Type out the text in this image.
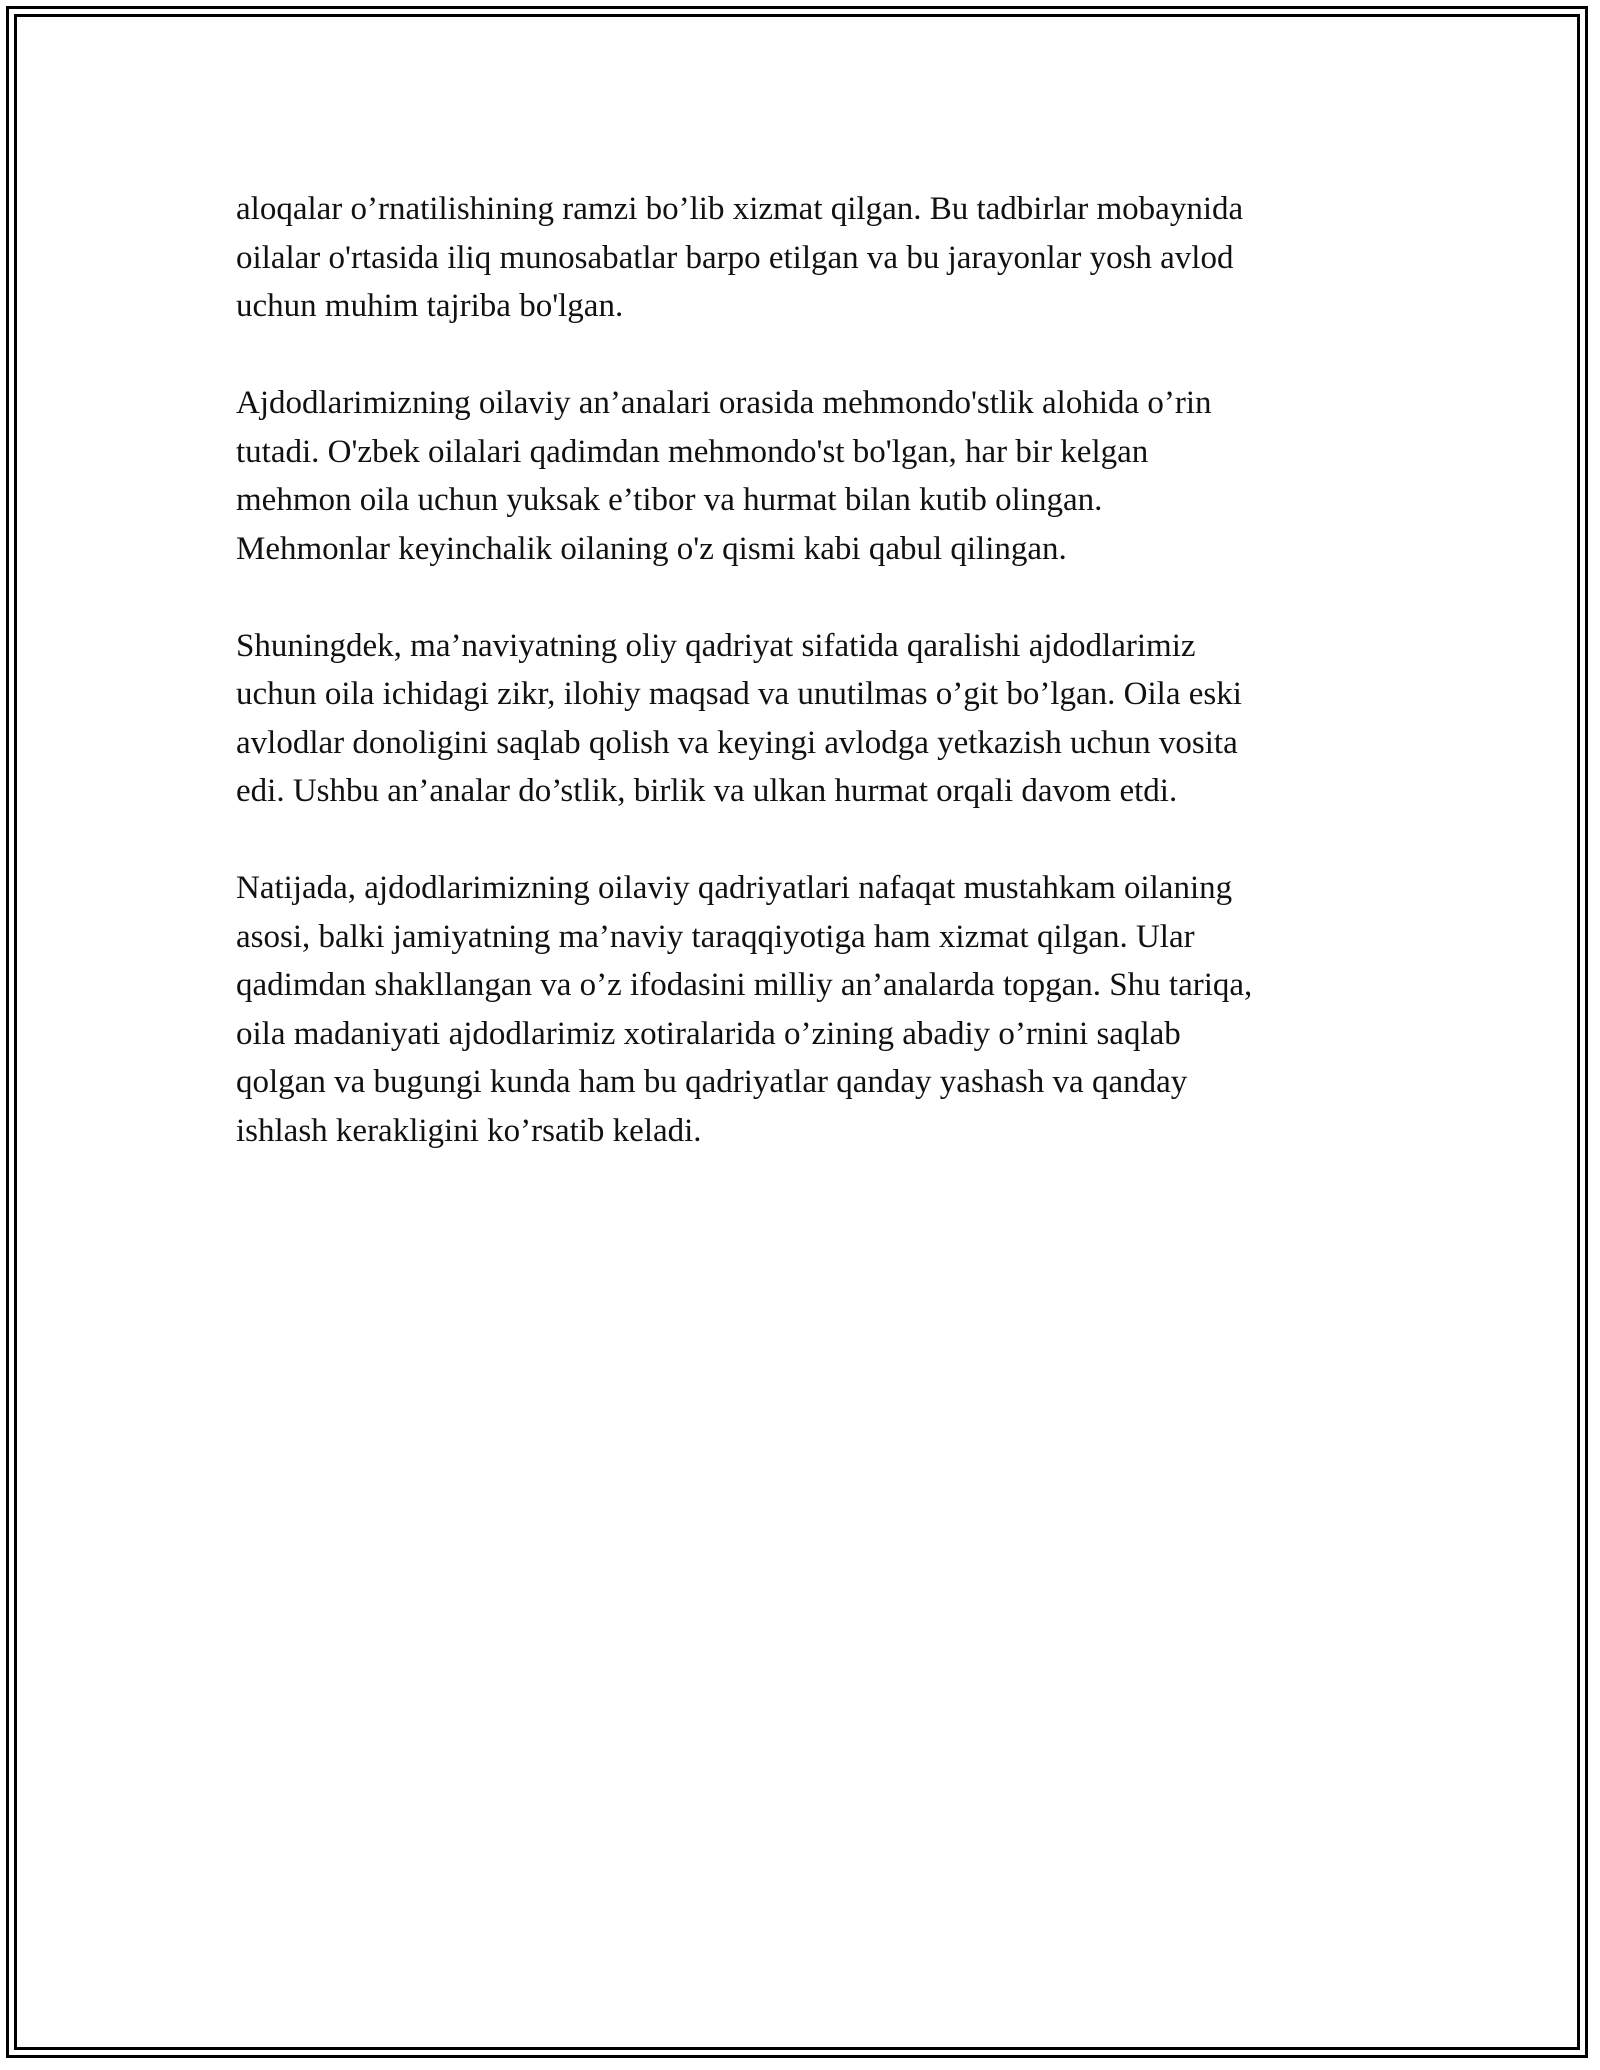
aloqalar o’rnatilishining ramzi bo’lib xizmat qilgan. Bu tadbirlar mobaynida
oilalar o'rtasida iliq munosabatlar barpo etilgan va bu jarayonlar yosh avlod
uchun muhim tajriba bo'lgan.

Ajdodlarimizning oilaviy an’analari orasida mehmondo'stlik alohida o’rin
tutadi. O'zbek oilalari qadimdan mehmondo'st bo'lgan, har bir kelgan
mehmon oila uchun yuksak e’tibor va hurmat bilan kutib olingan.
Mehmonlar keyinchalik oilaning o'z qismi kabi qabul qilingan.

Shuningdek, ma’naviyatning oliy qadriyat sifatida qaralishi ajdodlarimiz
uchun oila ichidagi zikr, ilohiy maqsad va unutilmas o’git bo’lgan. Oila eski
avlodlar donoligini saqlab qolish va keyingi avlodga yetkazish uchun vosita
edi. Ushbu an’analar do’stlik, birlik va ulkan hurmat orqali davom etdi.

Natijada, ajdodlarimizning oilaviy qadriyatlari nafaqat mustahkam oilaning
asosi, balki jamiyatning ma’naviy taraqqiyotiga ham xizmat qilgan. Ular
qadimdan shakllangan va o’z ifodasini milliy an’analarda topgan. Shu tariqa,
oila madaniyati ajdodlarimiz xotiralarida o’zining abadiy o’rnini saqlab
qolgan va bugungi kunda ham bu qadriyatlar qanday yashash va qanday
ishlash kerakligini ko’rsatib keladi.
